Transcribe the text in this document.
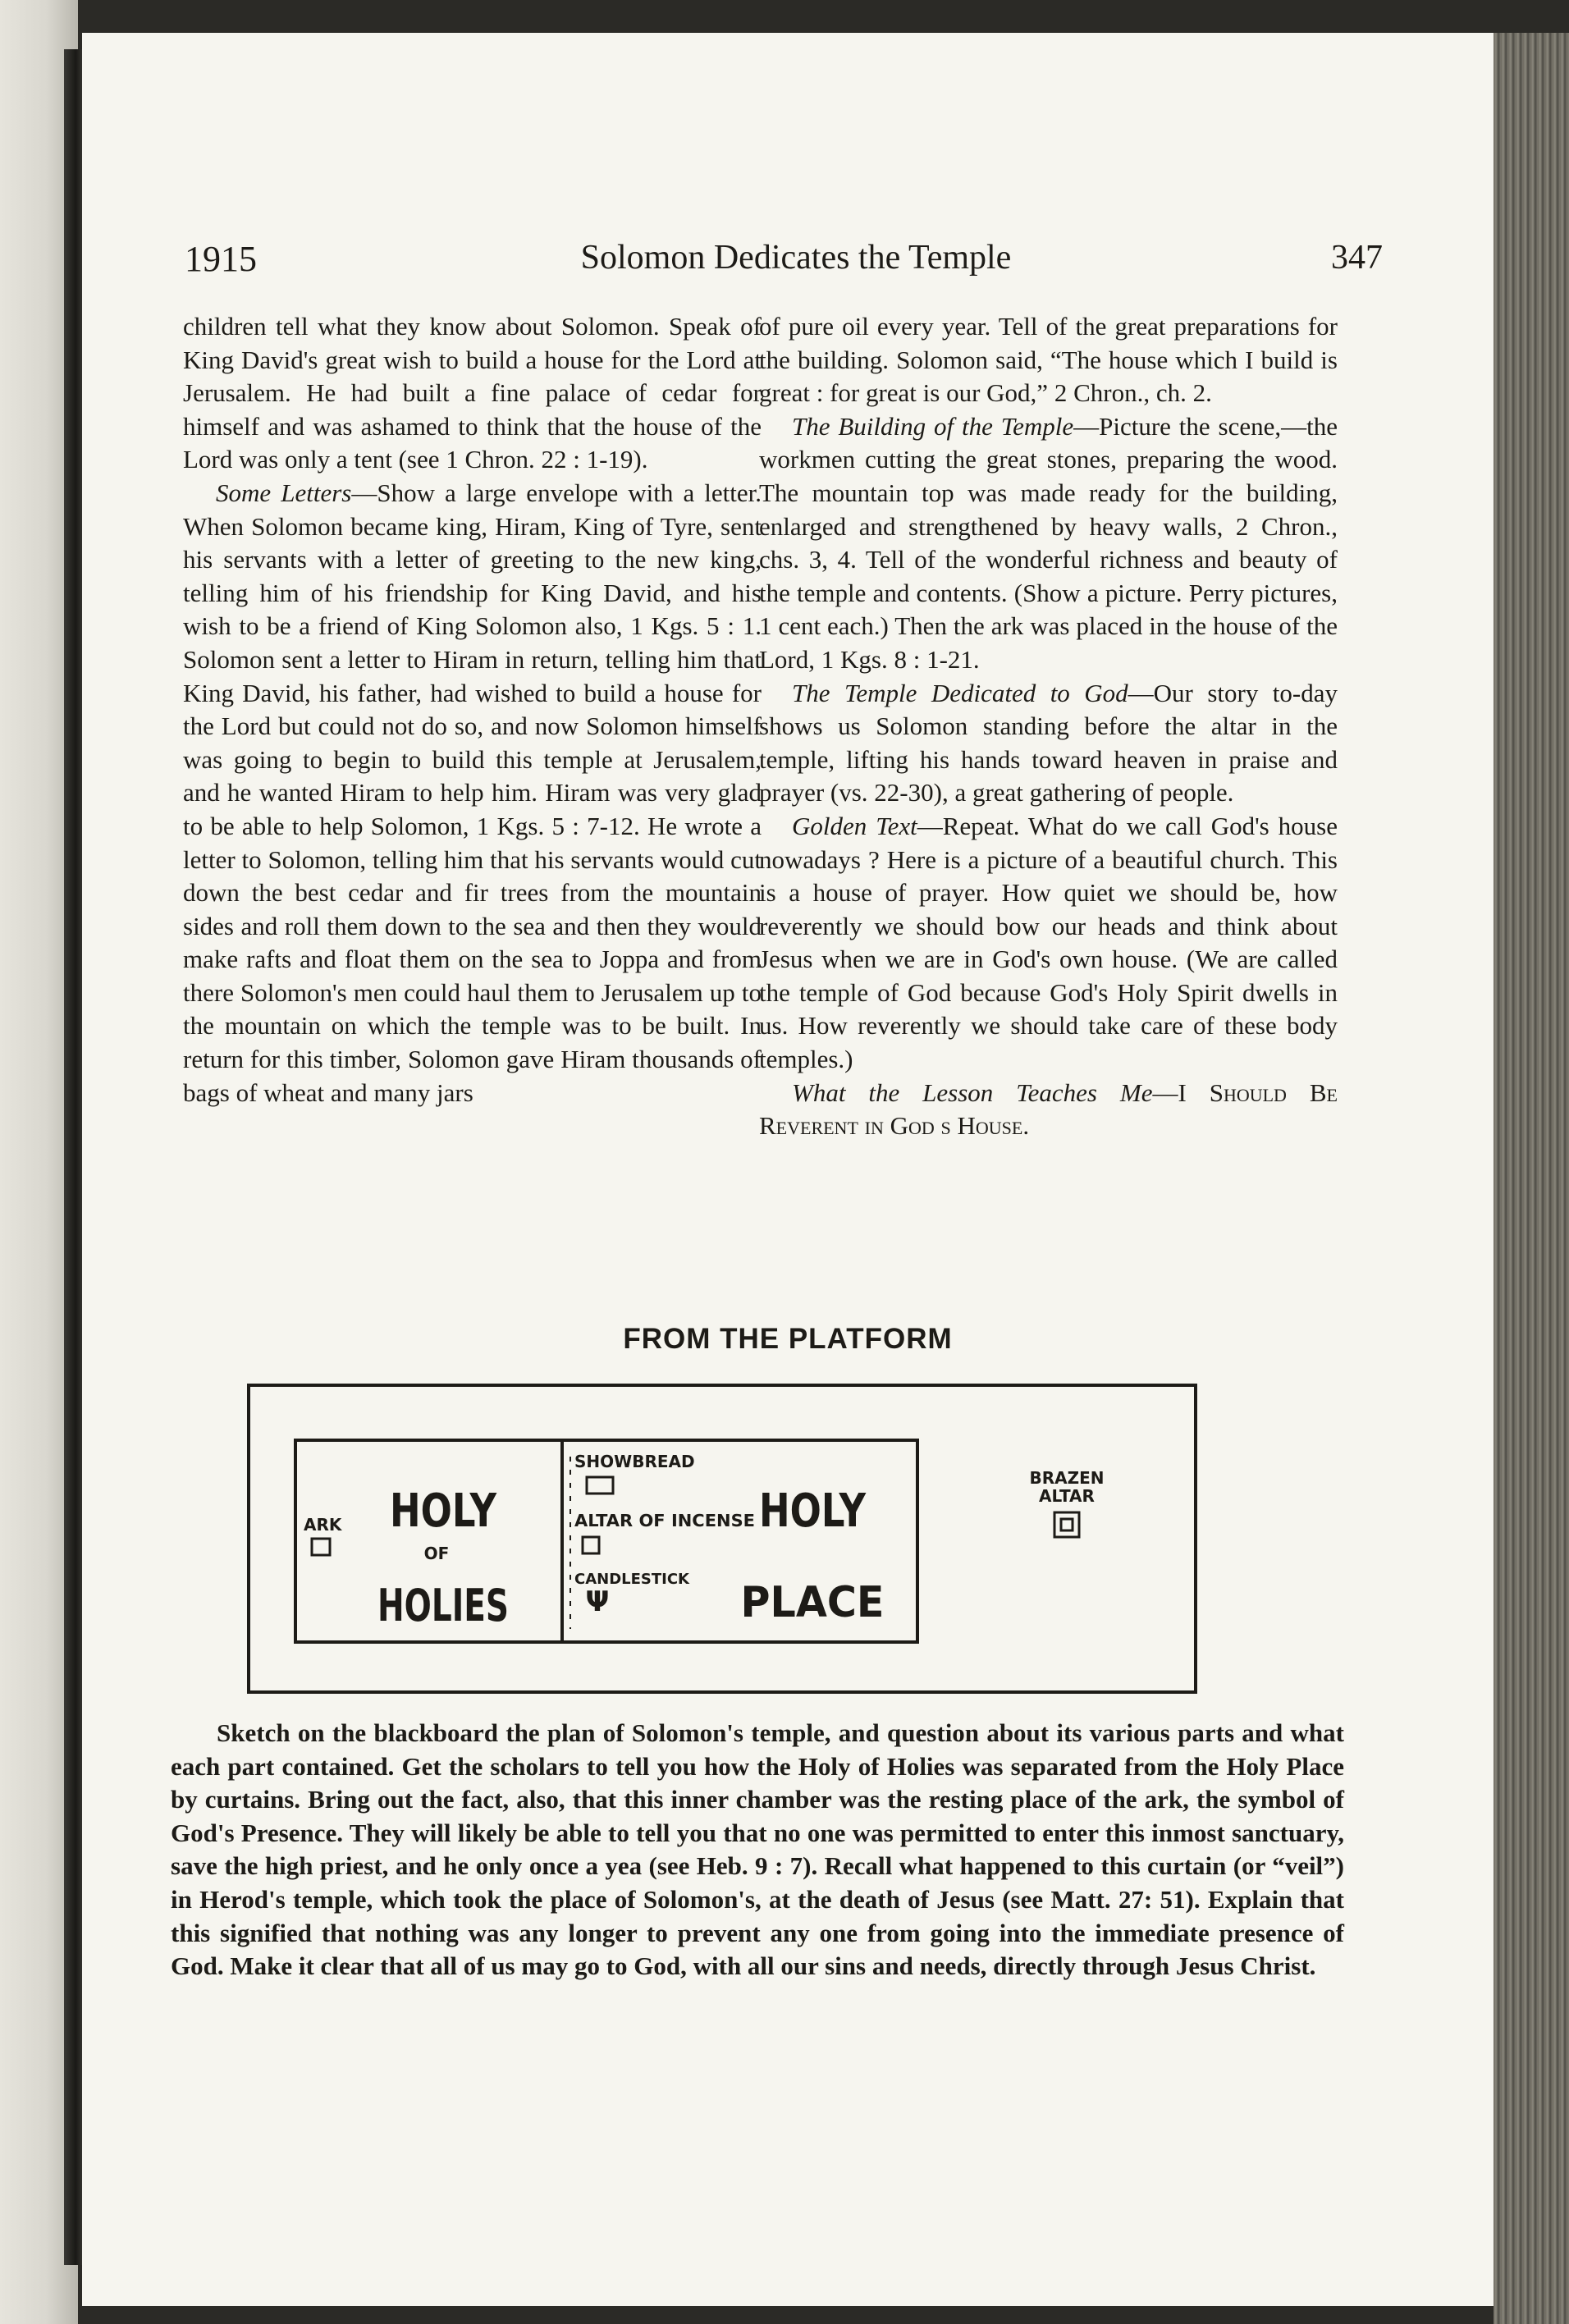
1915	Solomon Dedicates the Temple	347

children tell what they know about Solomon. Speak of King David's great wish to build a house for the Lord at Jerusalem. He had built a fine palace of cedar for himself and was ashamed to think that the house of the Lord was only a tent (see 1 Chron. 22 : 1-19).

Some Letters—Show a large envelope with a letter. When Solomon became king, Hiram, King of Tyre, sent his servants with a letter of greeting to the new king, telling him of his friendship for King David, and his wish to be a friend of King Solomon also, 1 Kgs. 5 : 1. Solomon sent a letter to Hiram in return, telling him that King David, his father, had wished to build a house for the Lord but could not do so, and now Solomon himself was going to begin to build this temple at Jerusalem, and he wanted Hiram to help him. Hiram was very glad to be able to help Solomon, 1 Kgs. 5 : 7-12. He wrote a letter to Solomon, telling him that his servants would cut down the best cedar and fir trees from the mountain sides and roll them down to the sea and then they would make rafts and float them on the sea to Joppa and from there Solomon's men could haul them to Jerusalem up to the mountain on which the temple was to be built. In return for this timber, Solomon gave Hiram thousands of bags of wheat and many jars

of pure oil every year. Tell of the great preparations for the building. Solomon said, “The house which I build is great : for great is our God,” 2 Chron., ch. 2.

The Building of the Temple—Picture the scene,—the workmen cutting the great stones, preparing the wood. The mountain top was made ready for the building, enlarged and strengthened by heavy walls, 2 Chron., chs. 3, 4. Tell of the wonderful richness and beauty of the temple and contents. (Show a picture. Perry pictures, 1 cent each.) Then the ark was placed in the house of the Lord, 1 Kgs. 8 : 1-21.

The Temple Dedicated to God—Our story to-day shows us Solomon standing before the altar in the temple, lifting his hands toward heaven in praise and prayer (vs. 22-30), a great gathering of people.

Golden Text—Repeat. What do we call God's house nowadays ? Here is a picture of a beautiful church. This is a house of prayer. How quiet we should be, how reverently we should bow our heads and think about Jesus when we are in God's own house. (We are called the temple of God because God's Holy Spirit dwells in us. How reverently we should take care of these body temples.)

What the Lesson Teaches Me—I Should Be Reverent in God s House.

FROM THE PLATFORM
ARK HOLY
OF
HOLIES
SHOWBREAD
ALTAR OF INCENSE
CANDLESTICK
Ψ
HOLY
PLACE
BRAZEN
ALTAR
Sketch on the blackboard the plan of Solomon's temple, and question about its various parts and what each part contained. Get the scholars to tell you how the Holy of Holies was separated from the Holy Place by curtains. Bring out the fact, also, that this inner chamber was the resting place of the ark, the symbol of God's Presence. They will likely be able to tell you that no one was permitted to enter this inmost sanctuary, save the high priest, and he only once a yea (see Heb. 9 : 7). Recall what happened to this curtain (or “veil”) in Herod's temple, which took the place of Solomon's, at the death of Jesus (see Matt. 27: 51). Explain that this signified that nothing was any longer to prevent any one from going into the immediate presence of God. Make it clear that all of us may go to God, with all our sins and needs, directly through Jesus Christ.
